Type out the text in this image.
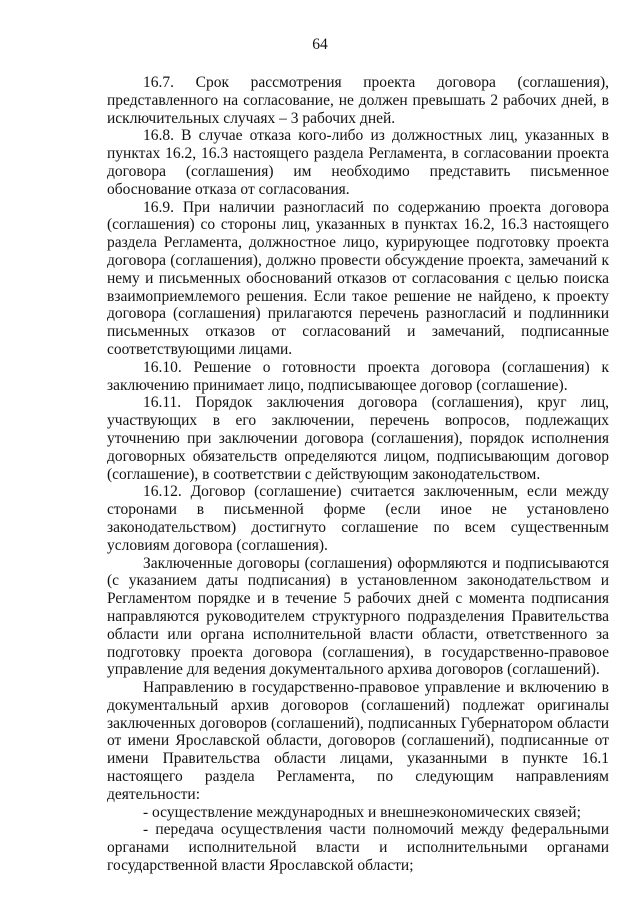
64

16.7. Срок рассмотрения проекта договора (соглашения), представленного на согласование, не должен превышать 2 рабочих дней, в исключительных случаях – 3 рабочих дней.

16.8. В случае отказа кого-либо из должностных лиц, указанных в пунктах 16.2, 16.3 настоящего раздела Регламента, в согласовании проекта договора (соглашения) им необходимо представить письменное обоснование отказа от согласования.

16.9. При наличии разногласий по содержанию проекта договора (соглашения) со стороны лиц, указанных в пунктах 16.2, 16.3 настоящего раздела Регламента, должностное лицо, курирующее подготовку проекта договора (соглашения), должно провести обсуждение проекта, замечаний к нему и письменных обоснований отказов от согласования с целью поиска взаимоприемлемого решения. Если такое решение не найдено, к проекту договора (соглашения) прилагаются перечень разногласий и подлинники письменных отказов от согласований и замечаний, подписанные соответствующими лицами.

16.10. Решение о готовности проекта договора (соглашения) к заключению принимает лицо, подписывающее договор (соглашение).

16.11. Порядок заключения договора (соглашения), круг лиц, участвующих в его заключении, перечень вопросов, подлежащих уточнению при заключении договора (соглашения), порядок исполнения договорных обязательств определяются лицом, подписывающим договор (соглашение), в соответствии с действующим законодательством.

16.12. Договор (соглашение) считается заключенным, если между сторонами в письменной форме (если иное не установлено законодательством) достигнуто соглашение по всем существенным условиям договора (соглашения).

Заключенные договоры (соглашения) оформляются и подписываются (с указанием даты подписания) в установленном законодательством и Регламентом порядке и в течение 5 рабочих дней с момента подписания направляются руководителем структурного подразделения Правительства области или органа исполнительной власти области, ответственного за подготовку проекта договора (соглашения), в государственно-правовое управление для ведения документального архива договоров (соглашений).

Направлению в государственно-правовое управление и включению в документальный архив договоров (соглашений) подлежат оригиналы заключенных договоров (соглашений), подписанных Губернатором области от имени Ярославской области, договоров (соглашений), подписанные от имени Правительства области лицами, указанными в пункте 16.1 настоящего раздела Регламента, по следующим направлениям деятельности:

- осуществление международных и внешнеэкономических связей;

- передача осуществления части полномочий между федеральными органами исполнительной власти и исполнительными органами государственной власти Ярославской области;
